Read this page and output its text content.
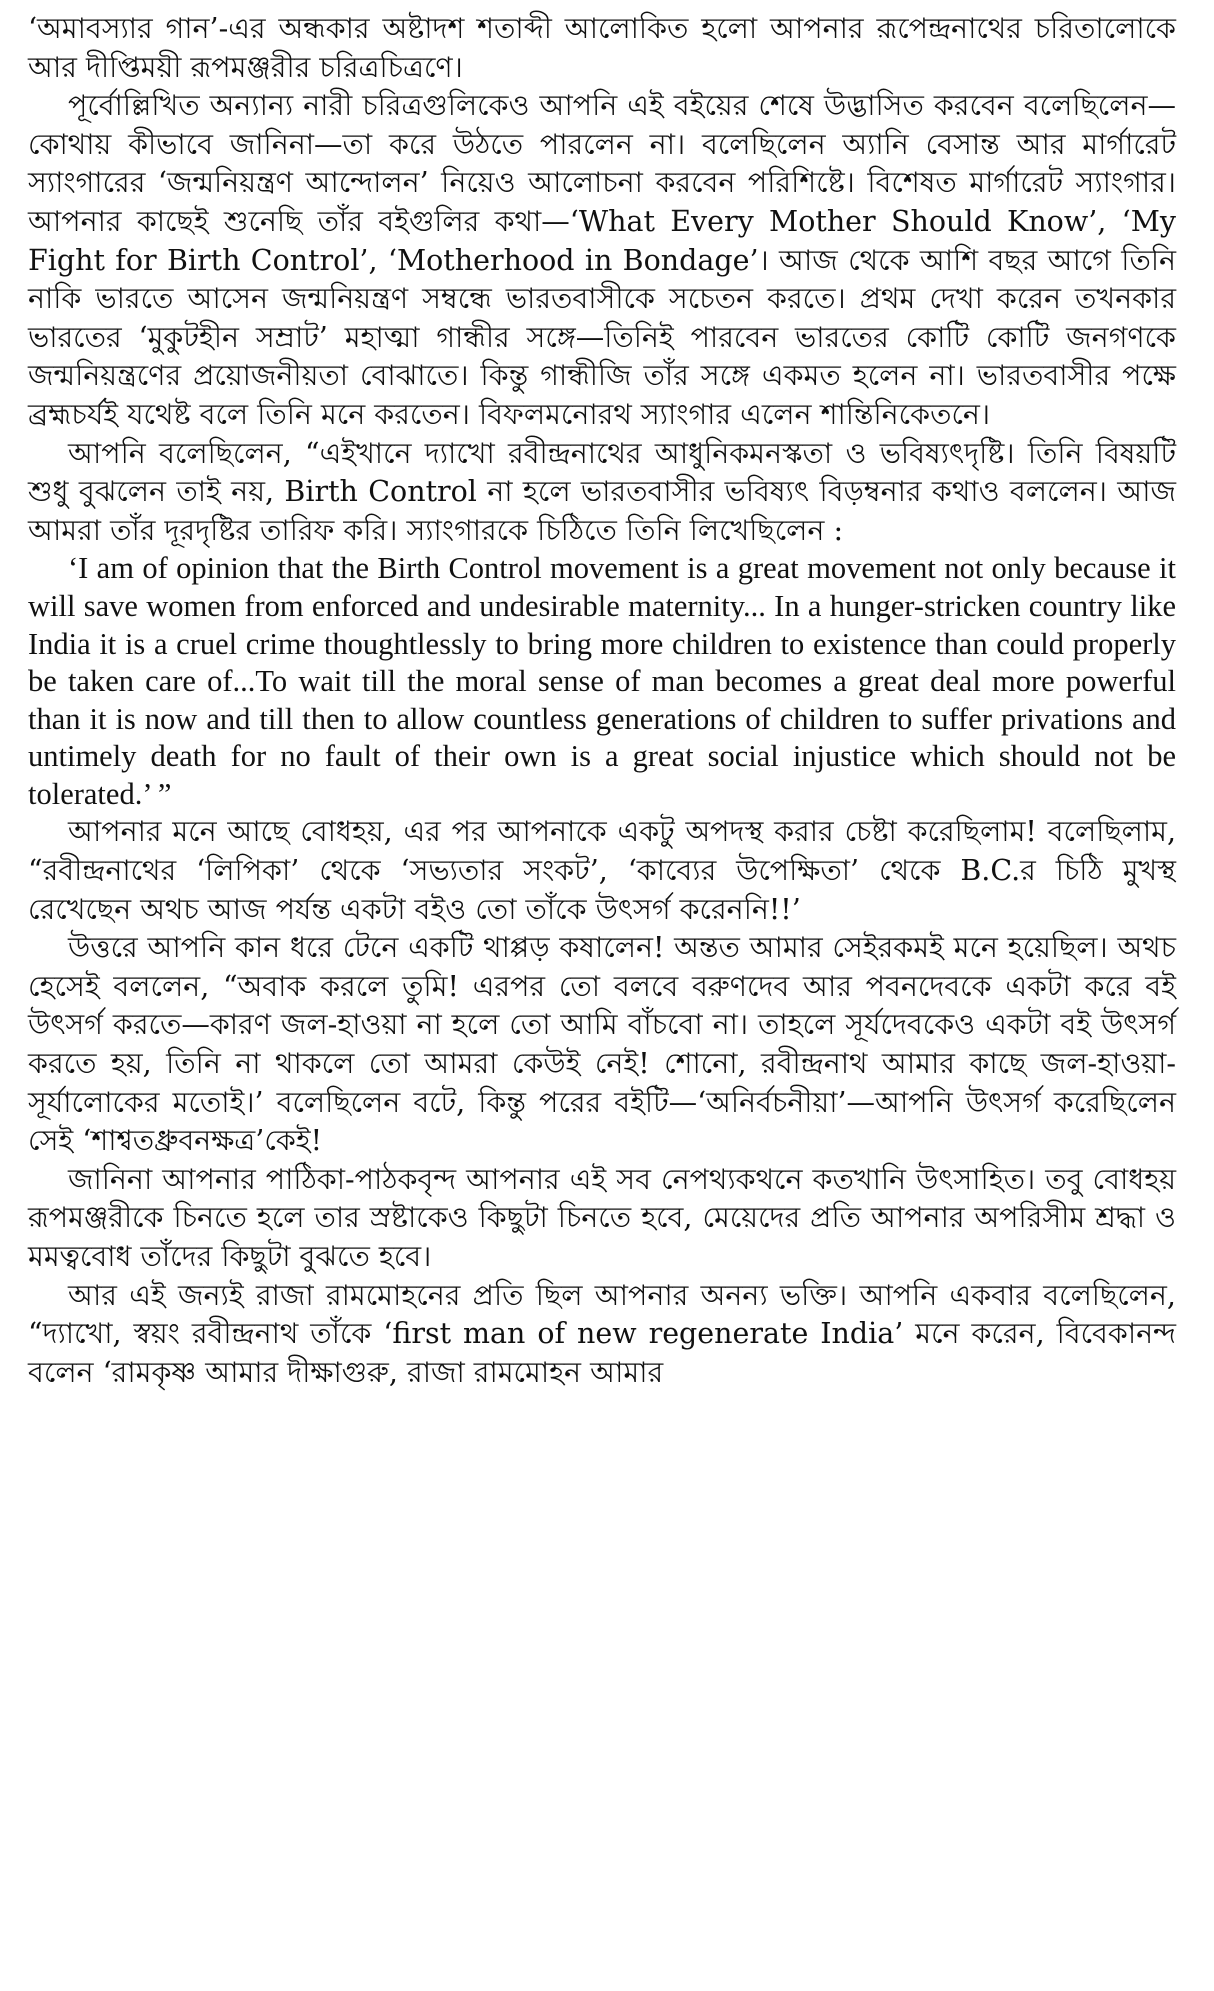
‘অমাবস্যার গান’-এর অন্ধকার অষ্টাদশ শতাব্দী আলোকিত হলো আপনার রূপেন্দ্রনাথের চরিতালোকে আর দীপ্তিময়ী রূপমঞ্জরীর চরিত্রচিত্রণে।

পূর্বোল্লিখিত অন্যান্য নারী চরিত্রগুলিকেও আপনি এই বইয়ের শেষে উদ্ভাসিত করবেন বলেছিলেন—কোথায় কীভাবে জানিনা—তা করে উঠতে পারলেন না। বলেছিলেন অ্যানি বেসান্ত আর মার্গারেট স্যাংগারের ‘জন্মনিয়ন্ত্রণ আন্দোলন’ নিয়েও আলোচনা করবেন পরিশিষ্টে। বিশেষত মার্গারেট স্যাংগার। আপনার কাছেই শুনেছি তাঁর বইগুলির কথা—‘What Every Mother Should Know’, ‘My Fight for Birth Control’, ‘Motherhood in Bondage’। আজ থেকে আশি বছর আগে তিনি নাকি ভারতে আসেন জন্মনিয়ন্ত্রণ সম্বন্ধে ভারতবাসীকে সচেতন করতে। প্রথম দেখা করেন তখনকার ভারতের ‘মুকুটহীন সম্রাট’ মহাত্মা গান্ধীর সঙ্গে—তিনিই পারবেন ভারতের কোটি কোটি জনগণকে জন্মনিয়ন্ত্রণের প্রয়োজনীয়তা বোঝাতে। কিন্তু গান্ধীজি তাঁর সঙ্গে একমত হলেন না। ভারতবাসীর পক্ষে ব্রহ্মচর্যই যথেষ্ট বলে তিনি মনে করতেন। বিফলমনোরথ স্যাংগার এলেন শান্তিনিকেতনে।

আপনি বলেছিলেন, “এইখানে দ্যাখো রবীন্দ্রনাথের আধুনিকমনস্কতা ও ভবিষ্যৎদৃষ্টি। তিনি বিষয়টি শুধু বুঝলেন তাই নয়, Birth Control না হলে ভারতবাসীর ভবিষ্যৎ বিড়ম্বনার কথাও বললেন। আজ আমরা তাঁর দূরদৃষ্টির তারিফ করি। স্যাংগারকে চিঠিতে তিনি লিখেছিলেন :

‘I am of opinion that the Birth Control movement is a great movement not only because it will save women from enforced and undesirable maternity... In a hunger-stricken country like India it is a cruel crime thoughtlessly to bring more children to existence than could properly be taken care of...To wait till the moral sense of man becomes a great deal more powerful than it is now and till then to allow countless generations of children to suffer privations and untimely death for no fault of their own is a great social injustice which should not be tolerated.’ ”

আপনার মনে আছে বোধহয়, এর পর আপনাকে একটু অপদস্থ করার চেষ্টা করেছিলাম! বলেছিলাম, “রবীন্দ্রনাথের ‘লিপিকা’ থেকে ‘সভ্যতার সংকট’, ‘কাব্যের উপেক্ষিতা’ থেকে B.C.র চিঠি মুখস্থ রেখেছেন অথচ আজ পর্যন্ত একটা বইও তো তাঁকে উৎসর্গ করেননি!!’

উত্তরে আপনি কান ধরে টেনে একটি থাপ্পড় কষালেন! অন্তত আমার সেইরকমই মনে হয়েছিল। অথচ হেসেই বললেন, “অবাক করলে তুমি! এরপর তো বলবে বরুণদেব আর পবনদেবকে একটা করে বই উৎসর্গ করতে—কারণ জল-হাওয়া না হলে তো আমি বাঁচবো না। তাহলে সূর্যদেবকেও একটা বই উৎসর্গ করতে হয়, তিনি না থাকলে তো আমরা কেউই নেই! শোনো, রবীন্দ্রনাথ আমার কাছে জল-হাওয়া-সূর্যালোকের মতোই।’ বলেছিলেন বটে, কিন্তু পরের বইটি—‘অনির্বচনীয়া’—আপনি উৎসর্গ করেছিলেন সেই ‘শাশ্বতধ্রুবনক্ষত্র’কেই!

জানিনা আপনার পাঠিকা-পাঠকবৃন্দ আপনার এই সব নেপথ্যকথনে কতখানি উৎসাহিত। তবু বোধহয় রূপমঞ্জরীকে চিনতে হলে তার স্রষ্টাকেও কিছুটা চিনতে হবে, মেয়েদের প্রতি আপনার অপরিসীম শ্রদ্ধা ও মমত্ববোধ তাঁদের কিছুটা বুঝতে হবে।

আর এই জন্যই রাজা রামমোহনের প্রতি ছিল আপনার অনন্য ভক্তি। আপনি একবার বলেছিলেন, “দ্যাখো, স্বয়ং রবীন্দ্রনাথ তাঁকে ‘first man of new regenerate India’ মনে করেন, বিবেকানন্দ বলেন ‘রামকৃষ্ণ আমার দীক্ষাগুরু, রাজা রামমোহন আমার
